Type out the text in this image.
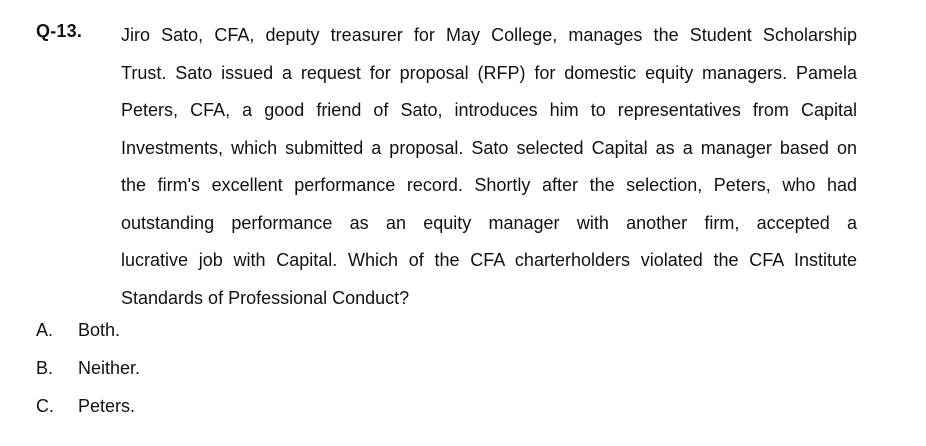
Q-13. Jiro Sato, CFA, deputy treasurer for May College, manages the Student Scholarship
Trust. Sato issued a request for proposal (RFP) for domestic equity managers. Pamela
Peters, CFA, a good friend of Sato, introduces him to representatives from Capital
Investments, which submitted a proposal. Sato selected Capital as a manager based on
the firm's excellent performance record. Shortly after the selection, Peters, who had
outstanding performance as an equity manager with another firm, accepted a
lucrative job with Capital. Which of the CFA charterholders violated the CFA Institute
Standards of Professional Conduct?
A.	Both.
B.	Neither.
C.	Peters.
